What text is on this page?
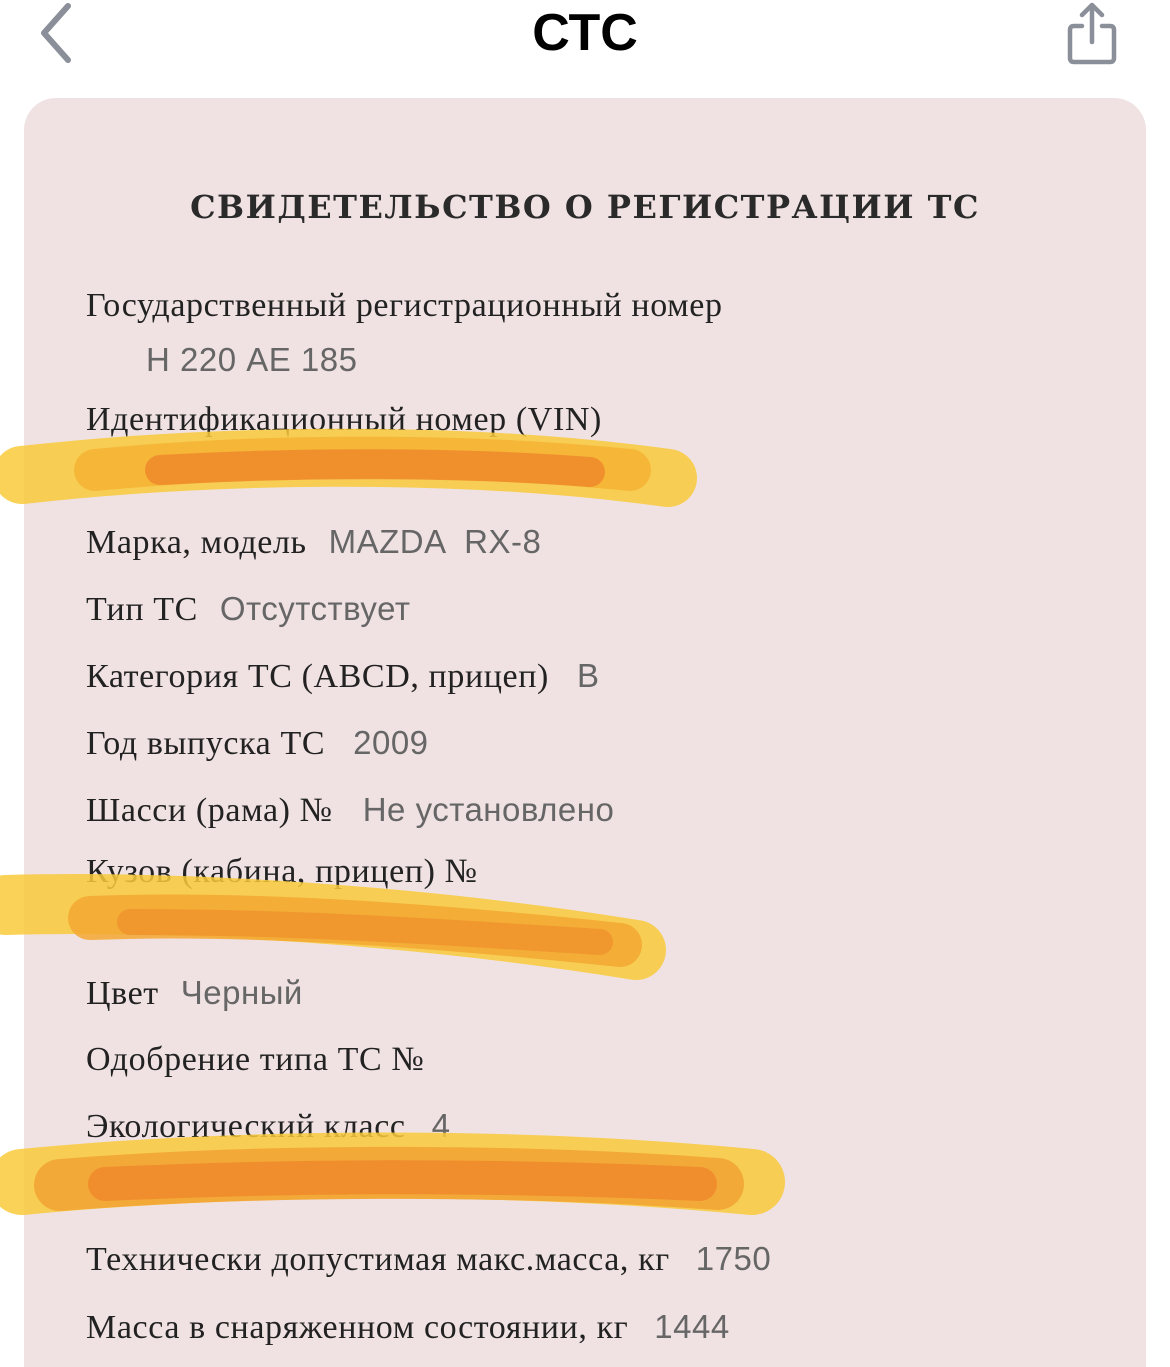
СТС
СВИДЕТЕЛЬСТВО О РЕГИСТРАЦИИ ТС
Государственный регистрационный номер
Н 220 АЕ 185
Идентификационный номер (VIN)
Марка, модель MAZDA  RX-8
Тип ТС Отсутствует
Категория ТС (ABCD, прицеп) B
Год выпуска ТС 2009
Шасси (рама) № Не установлено
Кузов (кабина, прицеп) №
Цвет Черный
Одобрение типа ТС №
Экологический класс 4
Технически допустимая макс.масса, кг 1750
Масса в снаряженном состоянии, кг 1444
